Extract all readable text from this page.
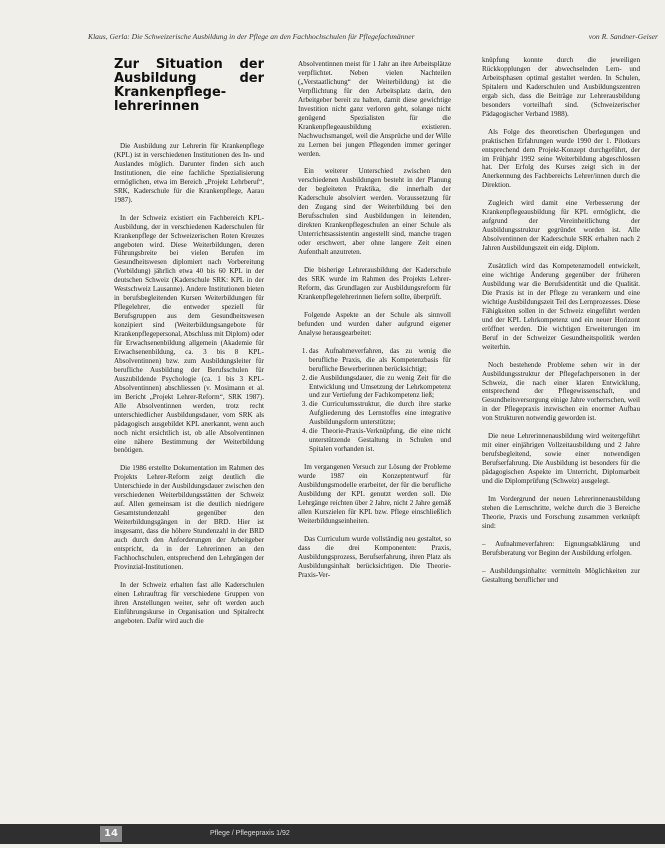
Klaus, Gerla: Die Schweizerische Ausbildung in der Pflege an den Fachhochschulen für Pflegefachmänner	von R. Sandner-Geiser
Zur Situation der Ausbildung der Krankenpflege-lehrerinnen

Die Ausbildung zur Lehrerin für Krankenpflege (KPL) ist in verschiedenen Institutionen des In- und Auslandes möglich. Darunter finden sich auch Institutionen, die eine fachliche Spezialisierung ermöglichen, etwa im Bereich „Projekt Lehrberuf“, SRK, Kaderschule für die Krankenpflege, Aarau 1987).

In der Schweiz existiert ein Fachbereich KPL-Ausbildung, der in verschiedenen Kaderschulen für Krankenpflege der Schweizerischen Roten Kreuzes angeboten wird. Diese Weiterbildungen, deren Führungsbreite bei vielen Berufen im Gesundheitswesen diplomiert nach Vorbereitung (Vorbildung) jährlich etwa 40 bis 60 KPL in der deutschen Schweiz (Kaderschule SRK: KPL in der Westschweiz Lausanne). Andere Institutionen bieten in berufsbegleitenden Kursen Weiterbildungen für Pflegelehrer, die entweder speziell für Berufsgruppen aus dem Gesundheitswesen konzipiert sind (Weiterbildungsangebote für Krankenpflegepersonal, Abschluss mit Diplom) oder für Erwachsenenbildung allgemein (Akademie für Erwachsenenbildung, ca. 3 bis 8 KPL-Absolventinnen) bzw. zum Ausbildungsleiter für berufliche Ausbildung der Berufsschulen für Auszubildende Psychologie (ca. 1 bis 3 KPL-Absolventinnen) abschliessen (v. Mosimann et al. im Bericht „Projekt Lehrer-Reform“, SRK 1987). Alle Absolventinnen werden, trotz recht unterschiedlicher Ausbildungsdauer, vom SRK als pädagogisch ausgebildet KPL anerkannt, wenn auch noch nicht ersichtlich ist, ob alle Absolventinnen eine nähere Bestimmung der Weiterbildung benötigen.

Die 1986 erstellte Dokumentation im Rahmen des Projekts Lehrer-Reform zeigt deutlich die Unterschiede in der Ausbildungsdauer zwischen den verschiedenen Weiterbildungsstätten der Schweiz auf. Allen gemeinsam ist die deutlich niedrigere Gesamtstundenzahl gegenüber den Weiterbildungsgängen in der BRD. Hier ist insgesamt, dass die höhere Stundenzahl in der BRD auch durch den Anforderungen der Arbeitgeber entspricht, da in der Lehrerinnen an den Fachhochschulen, entsprechend den Lehrgängen der Provinzial-Institutionen.

In der Schweiz erhalten fast alle Kaderschulen einen Lehrauftrag für verschiedene Gruppen von ihren Anstellungen weiter, sehr oft werden auch Einführungskurse in Organisation und Spitalrecht angeboten. Dafür wird auch die

Absolventinnen meist für 1 Jahr an ihre Arbeitsplätze verpflichtet. Neben vielen Nachteilen („Verstaatlichung“ der Weiterbildung) ist die Verpflichtung für den Arbeitsplatz darin, den Arbeitgeber bereit zu halten, damit diese gewichtige Investition nicht ganz verloren geht, solange nicht genügend Spezialisten für die Krankenpflegeausbildung existieren. Nachwuchsmangel, weil die Ansprüche und der Wille zu Lernen bei jungen Pflegenden immer geringer werden.

Ein weiterer Unterschied zwischen den verschiedenen Ausbildungen besteht in der Planung der begleiteten Praktika, die innerhalb der Kaderschule absolviert werden. Voraussetzung für den Zugang sind der Weiterbildung bei den Berufsschulen sind Ausbildungen in leitenden, direkten Krankenpflegeschulen an einer Schule als Unterrichtsassistentin angestellt sind, manche tragen oder erschwert, aber ohne langere Zeit einen Aufenthalt anzutreten.

Die bisherige Lehrerausbildung der Kaderschule des SRK wurde im Rahmen des Projekts Lehrer-Reform, das Grundlagen zur Ausbildungsreform für Krankenpflegelehrerinnen liefern sollte, überprüft.

Folgende Aspekte an der Schule als sinnvoll befunden und wurden daher aufgrund eigener Analyse herausgearbeitet:

1. das Aufnahmeverfahren, das zu wenig die berufliche Praxis, die als Kompetenzbasis für berufliche Bewerberinnen berücksichtigt;
2. die Ausbildungsdauer, die zu wenig Zeit für die Entwicklung und Umsetzung der Lehrkompetenz und zur Vertiefung der Fachkompetenz ließ;
3. die Curriculumsstruktur, die durch ihre starke Aufgliederung des Lernstoffes eine integrative Ausbildungsform unterstützte;
4. die Theorie-Praxis-Verknüpfung, die eine nicht unterstützende Gestaltung in Schulen und Spitalen vorhanden ist.

Im vergangenen Versuch zur Lösung der Probleme wurde 1987 ein Konzeptentwurf für Ausbildungsmodelle erarbeitet, der für die berufliche Ausbildung der KPL genutzt werden soll. Die Lehrgänge reichten über 2 Jahre, nicht 2 Jahre gemäß allen Kurszielen für KPL bzw. Pflege einschließlich Weiterbildungseinheiten.

Das Curriculum wurde vollständig neu gestaltet, so dass die drei Komponenten: Praxis, Ausbildungsprozess, Berufserfahrung, ihren Platz als Ausbildungsinhalt berücksichtigen. Die Theorie-Praxis-Ver-

knüpfung konnte durch die jeweiligen Rückkopplungen der abwechselnden Lern- und Arbeitsphasen optimal gestaltet werden. In Schulen, Spitalern und Kaderschulen und Ausbildungszentren ergab sich, dass die Beiträge zur Lehrerausbildung besonders vorteilhaft sind. (Schweizerischer Pädagogischer Verband 1988).

Als Folge des theoretischen Überlegungen und praktischen Erfahrungen wurde 1990 der 1. Pilotkurs entsprechend dem Projekt-Konzept durchgeführt, der im Frühjahr 1992 seine Weiterbildung abgeschlossen hat. Der Erfolg des Kurses zeigt sich in der Anerkennung des Fachbereichs Lehrer/innen durch die Direktion.

Zugleich wird damit eine Verbesserung der Krankenpflegeausbildung für KPL ermöglicht, die aufgrund der Vereinheitlichung der Ausbildungsstruktur gegründet worden ist. Alle Absolventinnen der Kaderschule SRK erhalten nach 2 Jahren Ausbildungszeit ein eidg. Diplom.

Zusätzlich wird das Kompetenzmodell entwickelt, eine wichtige Änderung gegenüber der früheren Ausbildung war die Berufsidentität und die Qualität. Die Praxis ist in der Pflege zu verankern und eine wichtige Ausbildungszeit Teil des Lernprozesses. Diese Fähigkeiten sollen in der Schweiz eingeführt werden und der KPL Lehrkompetenz und ein neuer Horizont eröffnet werden. Die wichtigen Erweiterungen im Beruf in der Schweizer Gesundheitspolitik werden weiterhin.

Noch bestehende Probleme sehen wir in der Ausbildungsstruktur der Pflegefachpersonen in der Schweiz, die nach einer klaren Entwicklung, entsprechend der Pflegewissenschaft, und Gesundheitsversorgung einige Jahre vorherrschen, weil in der Pflegepraxis inzwischen ein enormer Aufbau von Strukturen notwendig geworden ist.

Die neue Lehrerinnenausbildung wird weitergeführt mit einer einjährigen Vollzeitausbildung und 2 Jahre berufsbegleitend, sowie einer notwendigen Berufserfahrung. Die Ausbildung ist besonders für die pädagogischen Aspekte im Unterricht, Diplomarbeit und die Diplomprüfung (Schweiz) ausgelegt.

Im Vordergrund der neuen Lehrerinnenausbildung stehen die Lernschritte, welche durch die 3 Bereiche Theorie, Praxis und Forschung zusammen verknüpft sind:

– Aufnahmeverfahren: Eignungsabklärung und Berufsberatung vor Beginn der Ausbildung erfolgen.

– Ausbildungsinhalte: vermitteln Möglichkeiten zur Gestaltung beruflicher und

14	Pflege / Pflegepraxis 1/92
